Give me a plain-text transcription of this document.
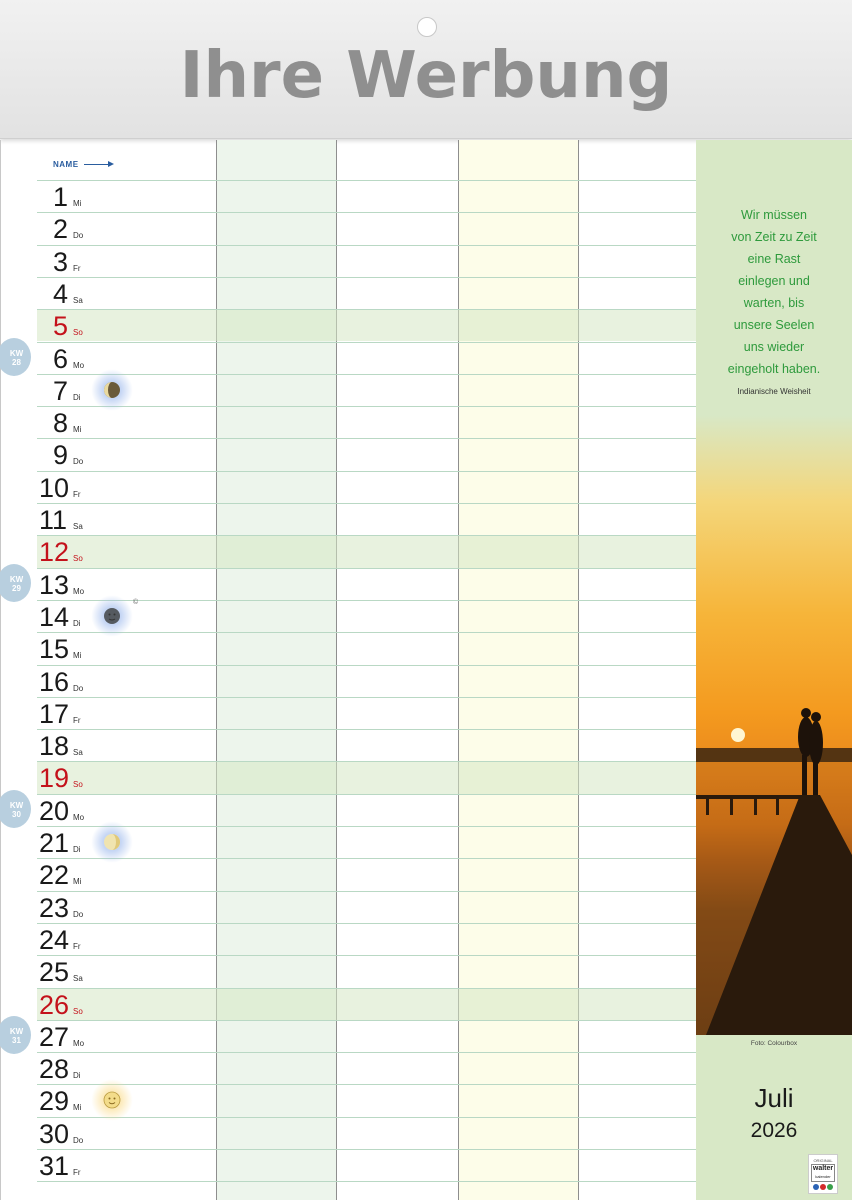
Ihre Werbung
NAME
1 Mi
2 Do
3 Fr
4 Sa
5 So
6 Mo
7 Di
8 Mi
9 Do
10 Fr
11 Sa
12 So
13 Mo
14 Di
15 Mi
16 Do
17 Fr
18 Sa
19 So
20 Mo
21 Di
22 Mi
23 Do
24 Fr
25 Sa
26 So
27 Mo
28 Di
29 Mi
30 Do
31 Fr
KW
28
KW
29
KW
30
KW
31
©
Wir müssen
von Zeit zu Zeit
eine Rast
einlegen und
warten, bis
unsere Seelen
uns wieder
eingeholt haben.
Indianische Weisheit
Foto: Colourbox
Juli
2026
ORIGINAL
walter
kalender
